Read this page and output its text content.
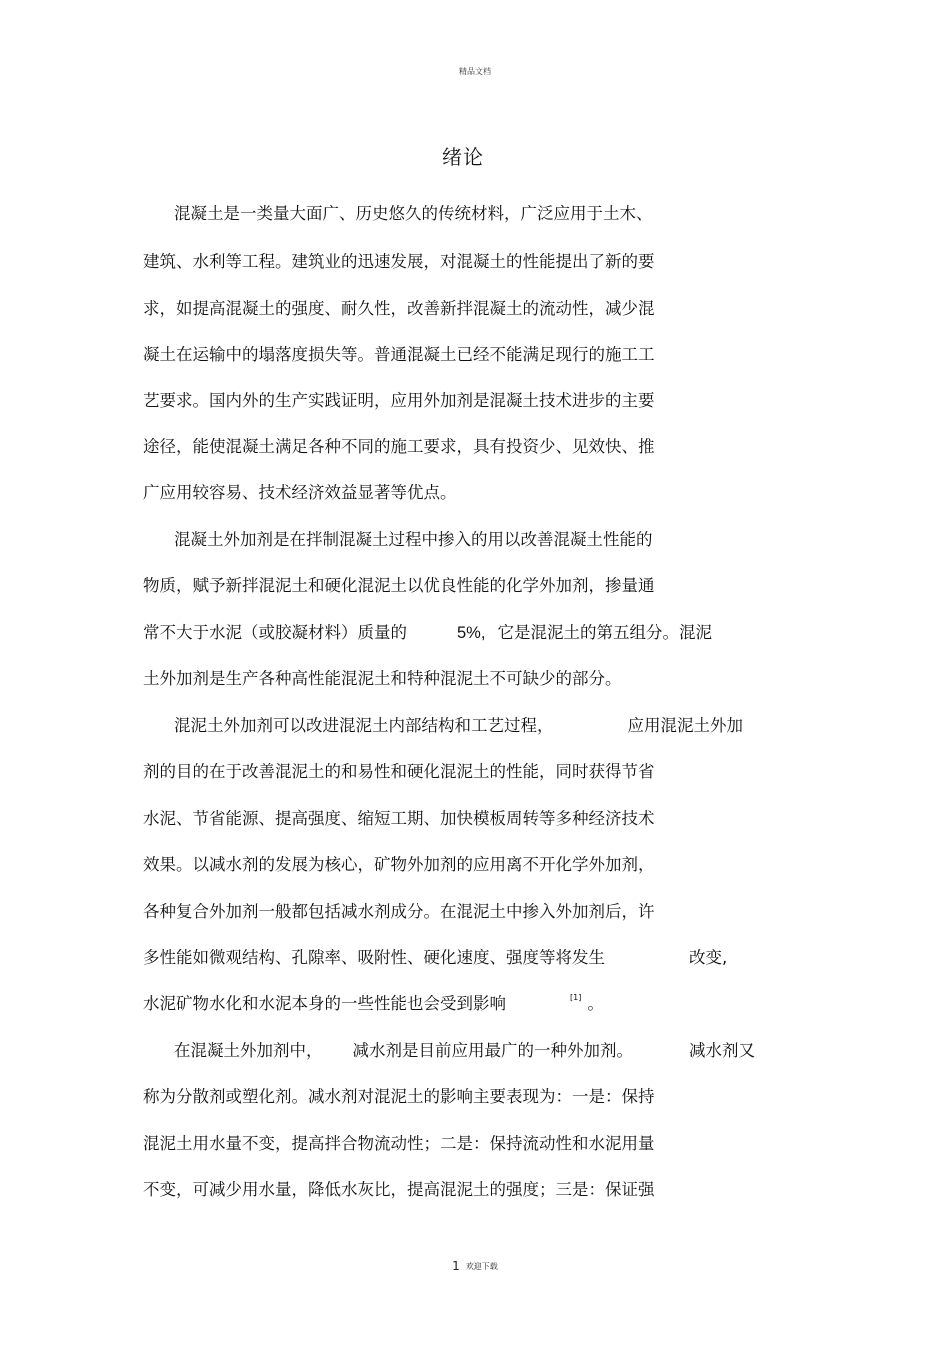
精品文档
绪论
混凝土是一类量大面广、历史悠久的传统材料，广泛应用于土木、
建筑、水利等工程。建筑业的迅速发展，对混凝土的性能提出了新的要
求，如提高混凝土的强度、耐久性，改善新拌混凝土的流动性，减少混
凝土在运输中的塌落度损失等。普通混凝土已经不能满足现行的施工工
艺要求。国内外的生产实践证明，应用外加剂是混凝土技术进步的主要
途径，能使混凝土满足各种不同的施工要求，具有投资少、见效快、推
广应用较容易、技术经济效益显著等优点。
混凝土外加剂是在拌制混凝土过程中掺入的用以改善混凝土性能的
物质，赋予新拌混泥土和硬化混泥土以优良性能的化学外加剂，掺量通
常不大于水泥（或胶凝材料）质量的	5%, 它是混泥土的第五组分。混泥
土外加剂是生产各种高性能混泥土和特种混泥土不可缺少的部分。
混泥土外加剂可以改进混泥土内部结构和工艺过程，	应用混泥土外加
剂的目的在于改善混泥土的和易性和硬化混泥土的性能，同时获得节省
水泥、节省能源、提高强度、缩短工期、加快模板周转等多种经济技术
效果。以减水剂的发展为核心，矿物外加剂的应用离不开化学外加剂，
各种复合外加剂一般都包括减水剂成分。在混泥土中掺入外加剂后，许
多性能如微观结构、孔隙率、吸附性、硬化速度、强度等将发生	改变,
水泥矿物水化和水泥本身的一些性能也会受到影响	[1] 。
在混凝土外加剂中， 减水剂是目前应用最广的一种外加剂。	减水剂又
称为分散剂或塑化剂。减水剂对混泥土的影响主要表现为：一是：保持
混泥土用水量不变，提高拌合物流动性；二是：保持流动性和水泥用量
不变，可减少用水量，降低水灰比，提高混泥土的强度；三是：保证强
1 欢迎下载
